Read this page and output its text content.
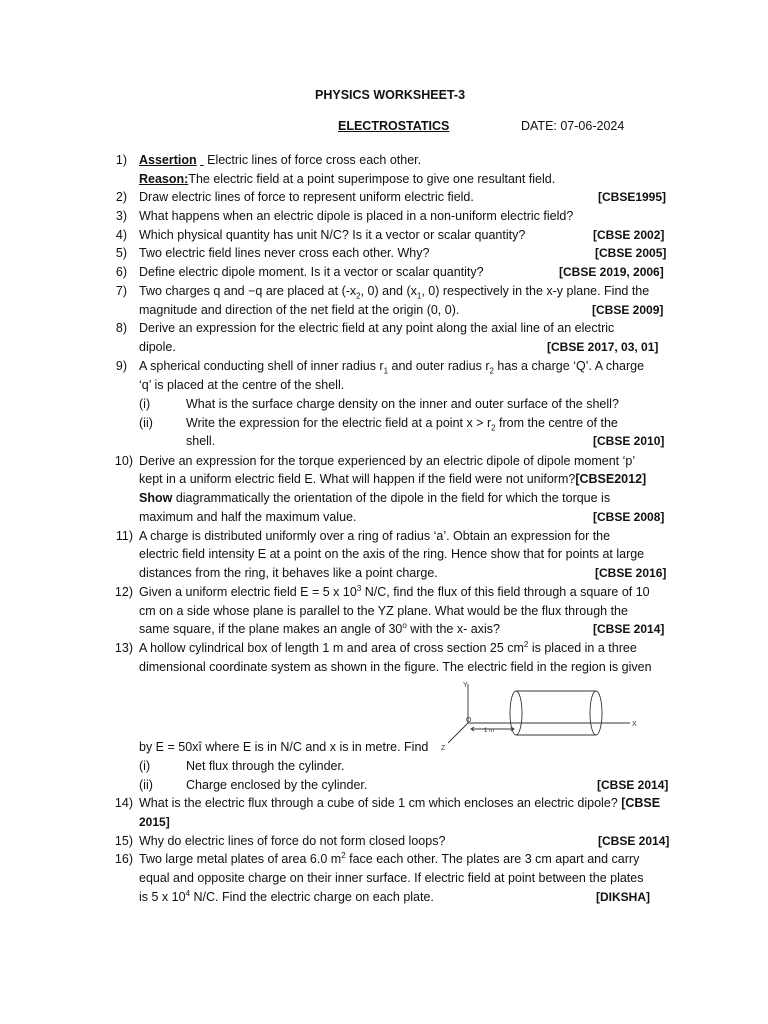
PHYSICS WORKSHEET-3
ELECTROSTATICS	DATE: 07-06-2024
1) Assertion Electric lines of force cross each other.
Reason:The electric field at a point superimpose to give one resultant field.
2) Draw electric lines of force to represent uniform electric field.	[CBSE1995]
3) What happens when an electric dipole is placed in a non-uniform electric field?
4) Which physical quantity has unit N/C? Is it a vector or scalar quantity?	[CBSE 2002]
5) Two electric field lines never cross each other. Why?	[CBSE 2005]
6) Define electric dipole moment. Is it a vector or scalar quantity?	[CBSE 2019, 2006]
7) Two charges q and −q are placed at ($-x_2$, 0) and ($x_1$, 0) respectively in the x-y plane. Find the
magnitude and direction of the net field at the origin (0, 0).	[CBSE 2009]
8) Derive an expression for the electric field at any point along the axial line of an electric
dipole.	[CBSE 2017, 03, 01]
9) A spherical conducting shell of inner radius $r_1$ and outer radius $r_2$ has a charge ‘Q’. A charge
‘q’ is placed at the centre of the shell.
(i)	What is the surface charge density on the inner and outer surface of the shell?
(ii)	Write the expression for the electric field at a point $x > r_2$ from the centre of the
shell.	[CBSE 2010]
10) Derive an expression for the torque experienced by an electric dipole of dipole moment ‘p’
kept in a uniform electric field E. What will happen if the field were not uniform?[CBSE2012]
Show diagrammatically the orientation of the dipole in the field for which the torque is
maximum and half the maximum value.	[CBSE 2008]
11) A charge is distributed uniformly over a ring of radius ‘a’. Obtain an expression for the
electric field intensity E at a point on the axis of the ring. Hence show that for points at large
distances from the ring, it behaves like a point charge.	[CBSE 2016]
12) Given a uniform electric field E = 5 x $10^3$ N/C, find the flux of this field through a square of 10
cm on a side whose plane is parallel to the YZ plane. What would be the flux through the
same square, if the plane makes an angle of 30$^o$ with the x- axis?	[CBSE 2014]
13) A hollow cylindrical box of length 1 m and area of cross section 25 $cm^2$ is placed in a three
dimensional coordinate system as shown in the figure. The electric field in the region is given
Y
X
Z
O
1 m
by E = 50xî where E is in N/C and x is in metre. Find
(i)	Net flux through the cylinder.
(ii)	Charge enclosed by the cylinder.	[CBSE 2014]
14) What is the electric flux through a cube of side 1 cm which encloses an electric dipole? [CBSE
2015]
15) Why do electric lines of force do not form closed loops?	[CBSE 2014]
16) Two large metal plates of area 6.0 $m^2$ face each other. The plates are 3 cm apart and carry
equal and opposite charge on their inner surface. If electric field at point between the plates
is 5 x $10^4$ N/C. Find the electric charge on each plate.	[DIKSHA]
